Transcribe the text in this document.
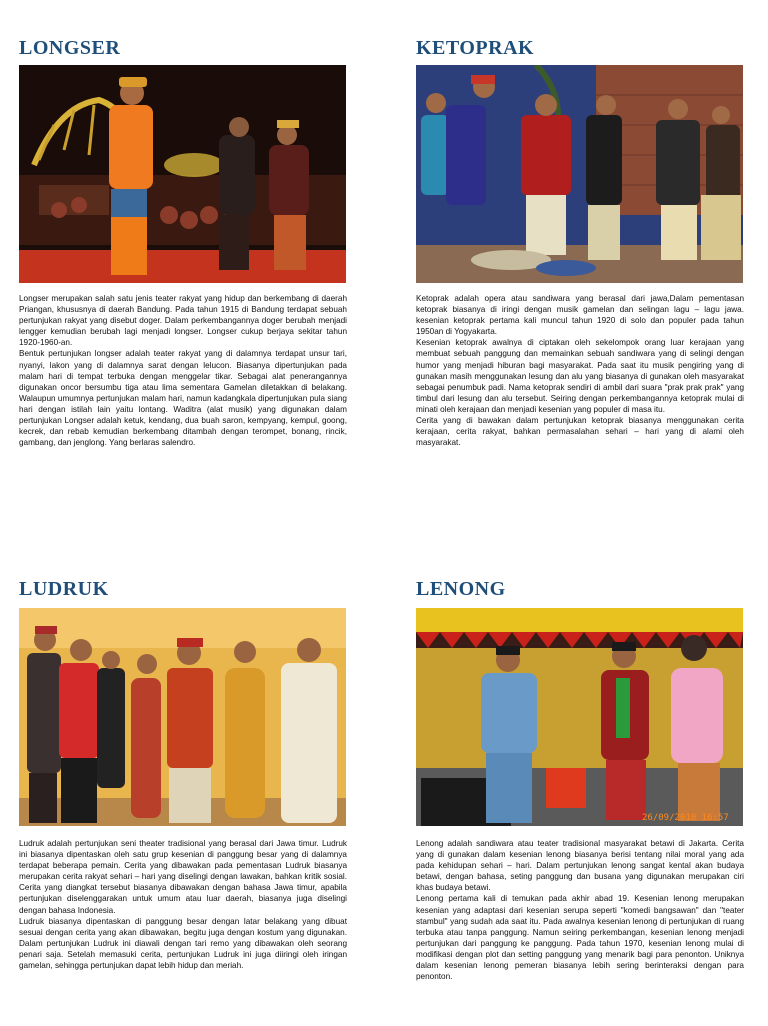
LONGSER

Longser merupakan salah satu jenis teater rakyat yang hidup dan berkembang di daerah Priangan, khususnya di daerah Bandung. Pada tahun 1915 di Bandung terdapat sebuah pertunjukan rakyat yang disebut doger. Dalam perkembangannya doger berubah menjadi lengger kemudian berubah lagi menjadi longser. Longser cukup berjaya sekitar tahun 1920-1960-an.

Bentuk pertunjukan longser adalah teater rakyat yang di dalamnya terdapat unsur tari, nyanyi, lakon yang di dalamnya sarat dengan lelucon. Biasanya dipertunjukan pada malam hari di tempat terbuka dengan menggelar tikar. Sebagai alat penerangannya digunakan oncor bersumbu tiga atau lima sementara Gamelan diletakkan di belakang. Walaupun umumnya pertunjukan malam hari, namun kadangkala dipertunjukan pula siang hari dengan istilah lain yaitu lontang. Waditra (alat musik) yang digunakan dalam pertunjukan Longser adalah ketuk, kendang, dua buah saron, kempyang, kempul, goong, kecrek, dan rebab kemudian berkembang ditambah dengan terompet, bonang, rincik, gambang, dan jenglong. Yang berlaras salendro.

KETOPRAK

Ketoprak adalah opera atau sandiwara yang berasal dari jawa,Dalam pementasan ketoprak biasanya di iringi dengan musik gamelan dan selingan lagu – lagu jawa. kesenian ketoprak pertama kali muncul tahun 1920 di solo dan populer pada tahun 1950an di Yogyakarta.

Kesenian ketoprak awalnya di ciptakan oleh sekelompok orang luar kerajaan yang membuat sebuah panggung dan memainkan sebuah sandiwara yang di selingi dengan humor yang menjadi hiburan bagi masyarakat. Pada saat itu musik pengiring yang di gunakan masih menggunakan lesung dan alu yang biasanya di gunakan oleh masyarakat sebagai penumbuk padi. Nama ketoprak sendiri di ambil dari suara "prak prak prak" yang timbul dari lesung dan alu tersebut. Seiring dengan perkembangannya ketoprak mulai di minati oleh kerajaan dan menjadi kesenian yang populer di masa itu.

Cerita yang di bawakan dalam pertunjukan ketoprak biasanya menggunakan cerita kerajaan, cerita rakyat, bahkan permasalahan sehari – hari yang di alami oleh masyarakat.

LUDRUK

Ludruk adalah pertunjukan seni theater tradisional yang berasal dari Jawa timur. Ludruk ini biasanya dipentaskan oleh satu grup kesenian di panggung besar yang di dalamnya terdapat beberapa pemain. Cerita yang dibawakan pada pementasan Ludruk biasanya merupakan cerita rakyat sehari – hari yang diselingi dengan lawakan, bahkan kritik sosial. Cerita yang diangkat tersebut biasanya dibawakan dengan bahasa Jawa timur, apabila pertunjukan diselenggarakan untuk umum atau luar daerah, biasanya juga diselingi dengan bahasa Indonesia.

Ludruk biasanya dipentaskan di panggung besar dengan latar belakang yang dibuat sesuai dengan cerita yang akan dibawakan, begitu juga dengan kostum yang digunakan. Dalam pertunjukan Ludruk ini diawali dengan tari remo yang dibawakan oleh seorang penari saja. Setelah memasuki cerita, pertunjukan Ludruk ini juga diiringi oleh iringan gamelan, sehingga pertunjukan dapat lebih hidup dan meriah.

LENONG
26/09/2010 16:57

Lenong adalah sandiwara atau teater tradisional masyarakat betawi di Jakarta. Cerita yang di gunakan dalam kesenian lenong biasanya berisi tentang nilai moral yang ada pada kehidupan sehari – hari. Dalam pertunjukan lenong sangat kental akan budaya betawi, dengan bahasa, seting panggung dan busana yang digunakan merupakan ciri khas budaya betawi.

Lenong pertama kali di temukan pada akhir abad 19. Kesenian lenong merupakan kesenian yang adaptasi dari kesenian serupa seperti "komedi bangsawan" dan "teater stambul" yang sudah ada saat itu. Pada awalnya kesenian lenong di pertunjukan di ruang terbuka atau tanpa panggung. Namun seiring perkembangan, kesenian lenong menjadi pertunjukan dari panggung ke panggung. Pada tahun 1970, kesenian lenong mulai di modifikasi dengan plot dan setting panggung yang menarik bagi para penonton. Uniknya dalam kesenian lenong pemeran biasanya lebih sering berinteraksi dengan para penonton.
